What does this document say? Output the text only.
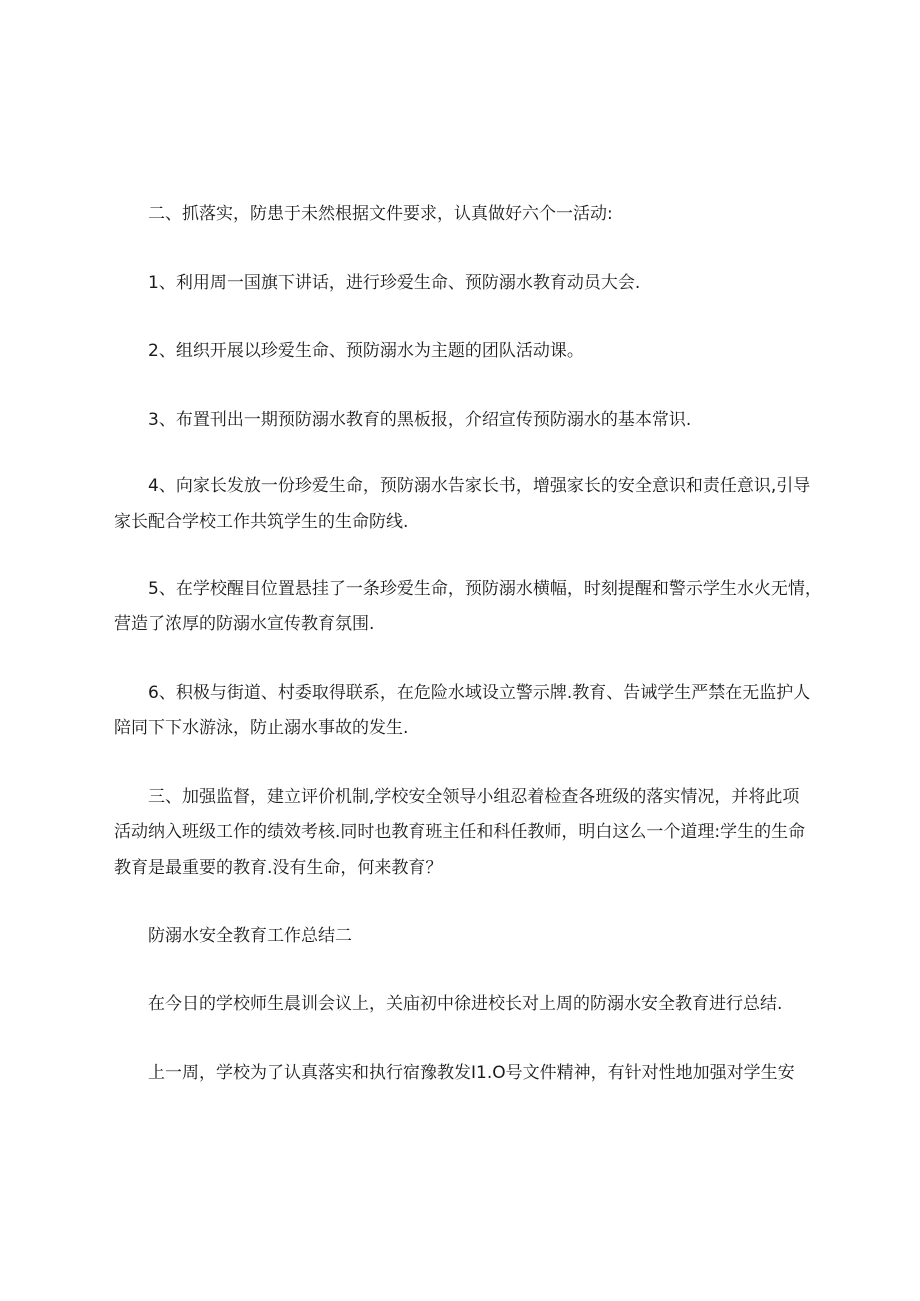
二、抓落实，防患于未然根据文件要求，认真做好六个一活动:
1、利用周一国旗下讲话，进行珍爱生命、预防溺水教育动员大会.
2、组织开展以珍爱生命、预防溺水为主题的团队活动课。
3、布置刊出一期预防溺水教育的黑板报，介绍宣传预防溺水的基本常识.
4、向家长发放一份珍爱生命，预防溺水告家长书，增强家长的安全意识和责任意识,引导
家长配合学校工作共筑学生的生命防线.
5、在学校醒目位置悬挂了一条珍爱生命，预防溺水横幅，时刻提醒和警示学生水火无情，
营造了浓厚的防溺水宣传教育氛围.
6、积极与街道、村委取得联系，在危险水域设立警示牌.教育、告诫学生严禁在无监护人
陪同下下水游泳，防止溺水事故的发生.
三、加强监督，建立评价机制,学校安全领导小组忍着检查各班级的落实情况，并将此项
活动纳入班级工作的绩效考核.同时也教育班主任和科任教师，明白这么一个道理:学生的生命
教育是最重要的教育.没有生命，何来教育？
防溺水安全教育工作总结二
在今日的学校师生晨训会议上，关庙初中徐进校长对上周的防溺水安全教育进行总结.
上一周，学校为了认真落实和执行宿豫教发I1.O号文件精神，有针对性地加强对学生安
